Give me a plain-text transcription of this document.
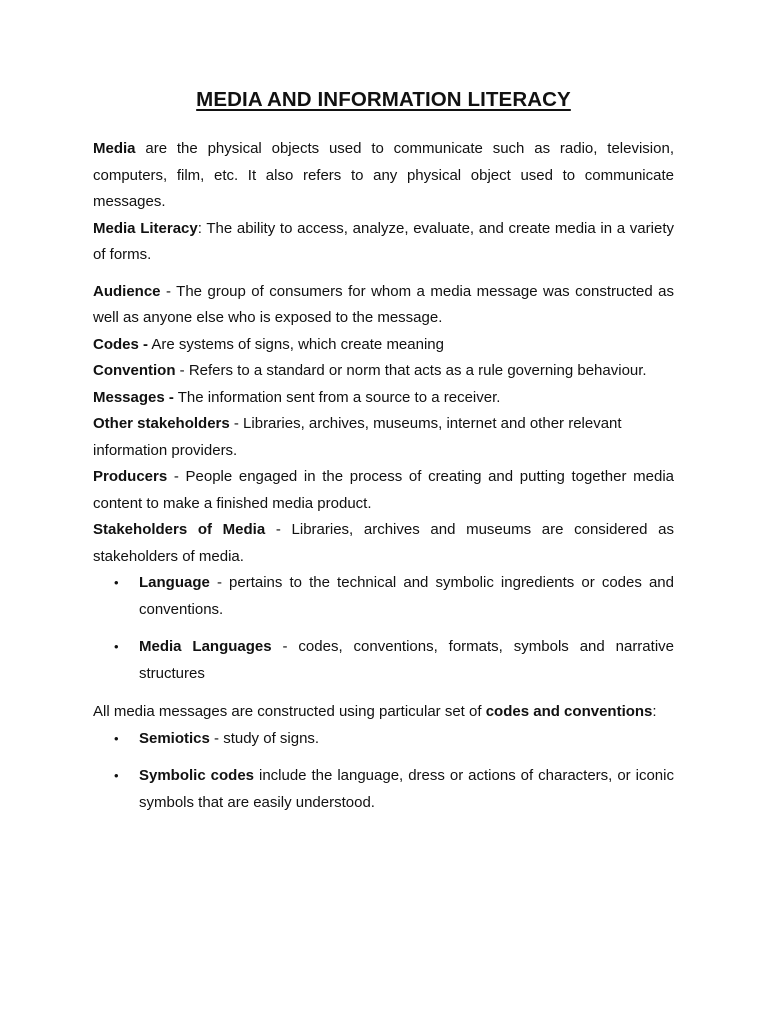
MEDIA AND INFORMATION LITERACY

Media are the physical objects used to communicate such as radio, television, computers, film, etc. It also refers to any physical object used to communicate messages.

Media Literacy: The ability to access, analyze, evaluate, and create media in a variety of forms.

Audience - The group of consumers for whom a media message was constructed as well as anyone else who is exposed to the message.

Codes - Are systems of signs, which create meaning

Convention - Refers to a standard or norm that acts as a rule governing behaviour.

Messages - The information sent from a source to a receiver.

Other stakeholders - Libraries, archives, museums, internet and other relevant information providers.

Producers - People engaged in the process of creating and putting together media content to make a finished media product.

Stakeholders of Media - Libraries, archives and museums are considered as stakeholders of media.

• Language - pertains to the technical and symbolic ingredients or codes and conventions.
• Media Languages - codes, conventions, formats, symbols and narrative structures

All media messages are constructed using particular set of codes and conventions:

• Semiotics - study of signs.
• Symbolic codes include the language, dress or actions of characters, or iconic symbols that are easily understood.
